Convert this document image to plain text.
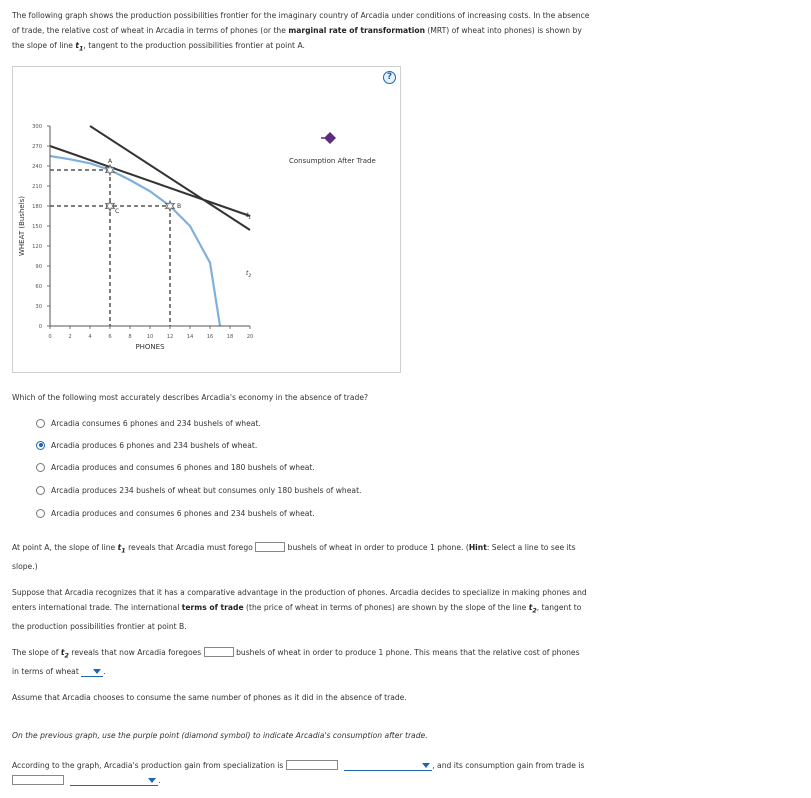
The following graph shows the production possibilities frontier for the imaginary country of Arcadia under conditions of increasing costs. In the absence of trade, the relative cost of wheat in Arcadia in terms of phones (or the marginal rate of transformation (MRT) of wheat into phones) is shown by the slope of line $t_1$, tangent to the production possibilities frontier at point A.
?
300
270
240
210
180
150
120
90
60
30
0
0	2	4	6	8	10	12	14	16	18	20
A
B
C
WHEAT (Bushels)
PHONES
$t_1$
$t_2$
Consumption After Trade
Which of the following most accurately describes Arcadia's economy in the absence of trade?
Arcadia consumes 6 phones and 234 bushels of wheat.
Arcadia produces 6 phones and 234 bushels of wheat.
Arcadia produces and consumes 6 phones and 180 bushels of wheat.
Arcadia produces 234 bushels of wheat but consumes only 180 bushels of wheat.
Arcadia produces and consumes 6 phones and 234 bushels of wheat.
At point A, the slope of line $t_1$ reveals that Arcadia must forego	bushels of wheat in order to produce 1 phone. (Hint: Select a line to see its slope.)
Suppose that Arcadia recognizes that it has a comparative advantage in the production of phones. Arcadia decides to specialize in making phones and enters international trade. The international terms of trade (the price of wheat in terms of phones) are shown by the slope of the line $t_2$, tangent to the production possibilities frontier at point B.
The slope of $t_2$ reveals that now Arcadia foregoes	bushels of wheat in order to produce 1 phone. This means that the relative cost of phones in terms of wheat	.
Assume that Arcadia chooses to consume the same number of phones as it did in the absence of trade.
On the previous graph, use the purple point (diamond symbol) to indicate Arcadia's consumption after trade.
According to the graph, Arcadia's production gain from specialization is	, and its consumption gain from trade is

.
